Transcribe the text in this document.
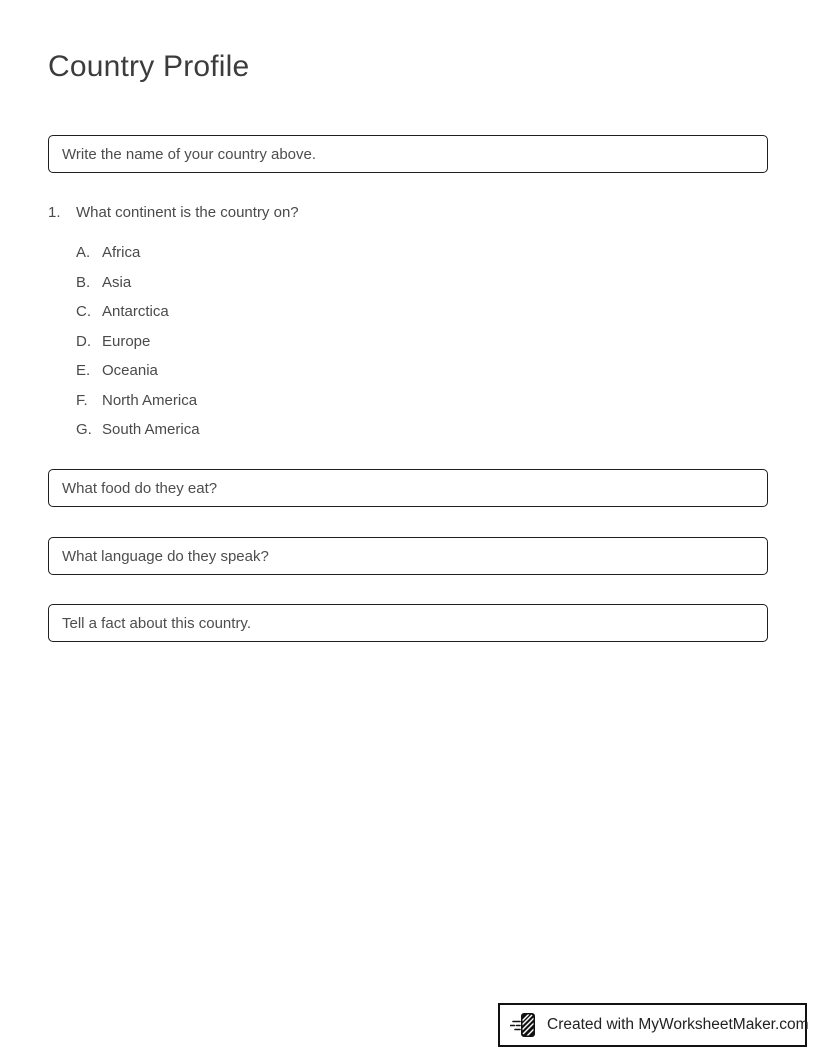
Country Profile
Write the name of your country above.
1.	What continent is the country on?
A. Africa
B. Asia
C. Antarctica
D. Europe
E. Oceania
F. North America
G. South America
What food do they eat?
What language do they speak?
Tell a fact about this country.
Created with MyWorksheetMaker.com
